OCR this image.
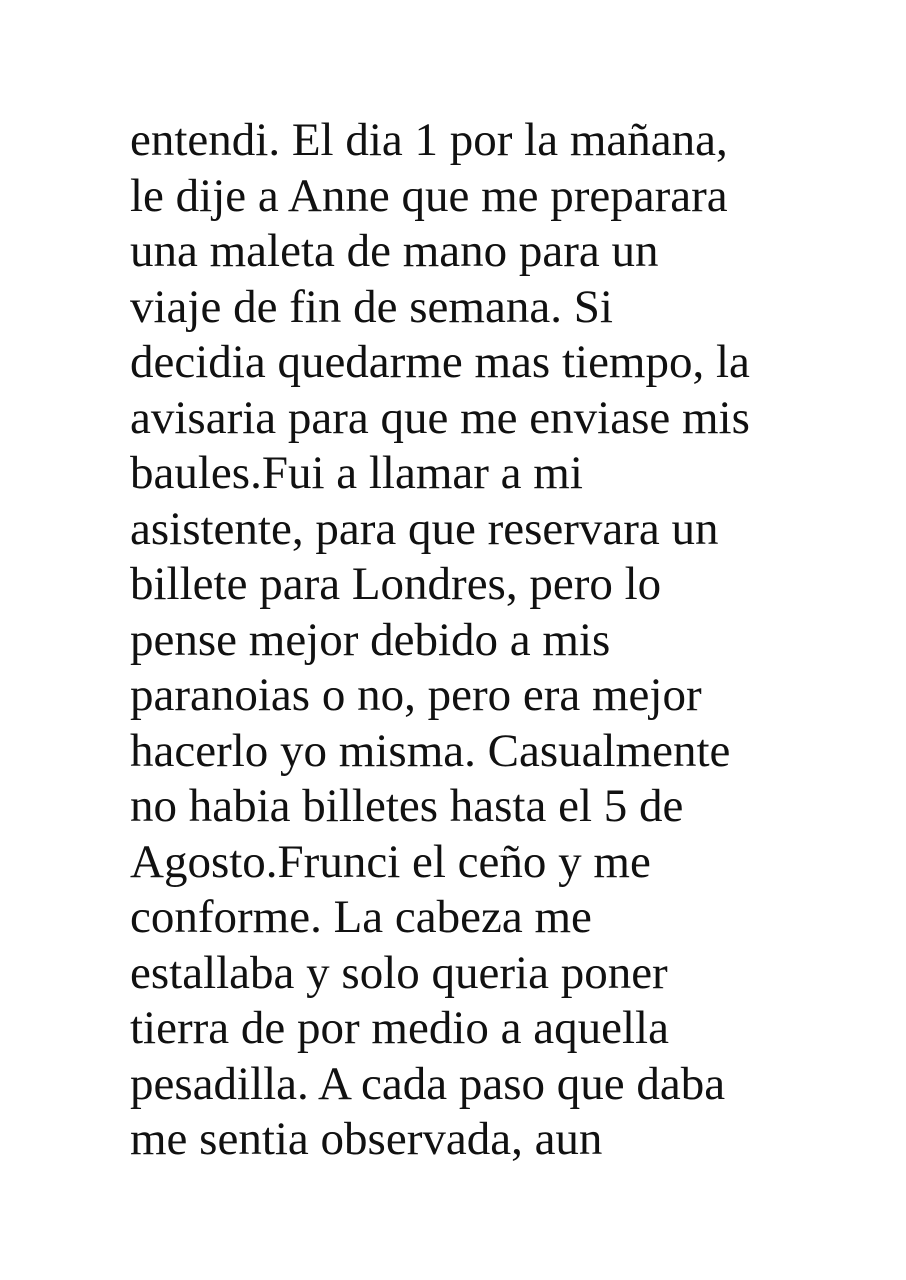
entendi. El dia 1 por la mañana,
le dije a Anne que me preparara
una maleta de mano para un
viaje de fin de semana. Si
decidia quedarme mas tiempo, la
avisaria para que me enviase mis
baules.Fui a llamar a mi
asistente, para que reservara un
billete para Londres, pero lo
pense mejor debido a mis
paranoias o no, pero era mejor
hacerlo yo misma. Casualmente
no habia billetes hasta el 5 de
Agosto.Frunci el ceño y me
conforme. La cabeza me
estallaba y solo queria poner
tierra de por medio a aquella
pesadilla. A cada paso que daba
me sentia observada, aun
